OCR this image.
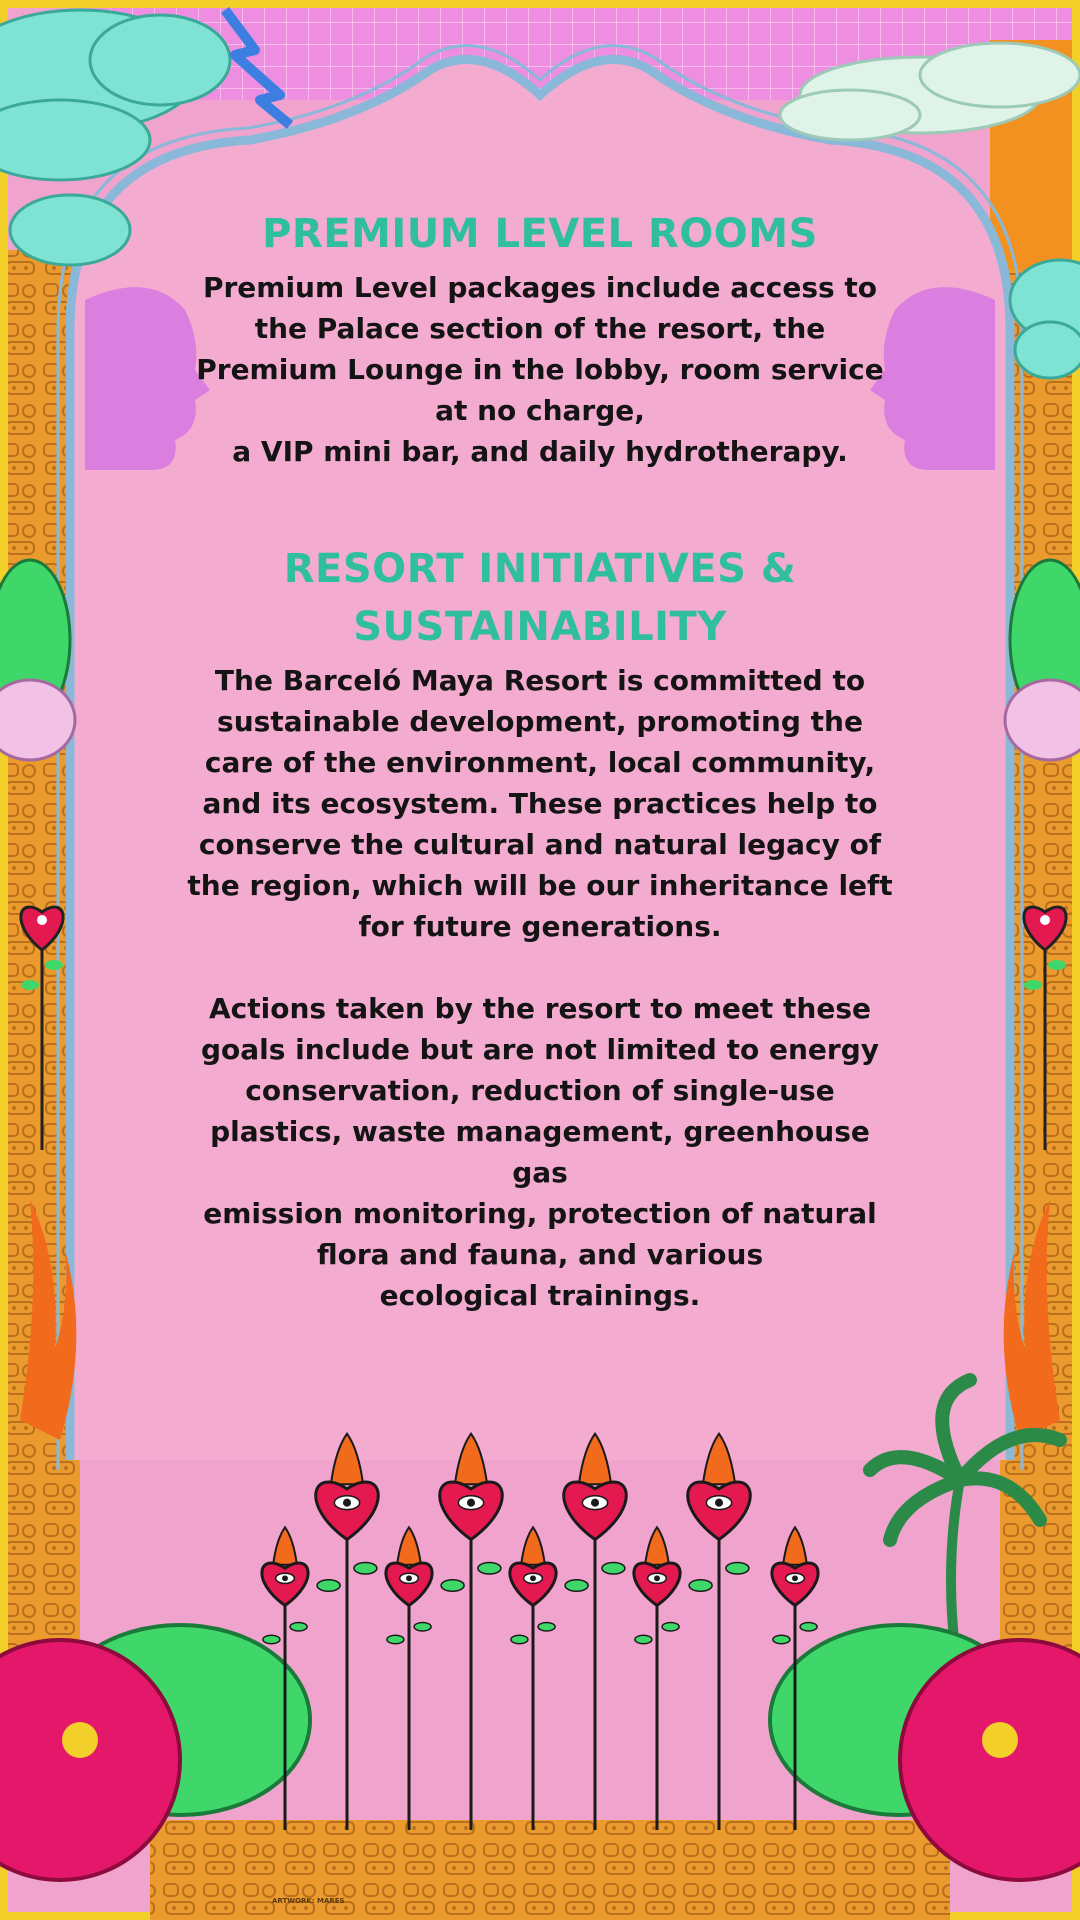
PREMIUM LEVEL ROOMS

Premium Level packages include access to
the Palace section of the resort, the
Premium Lounge in the lobby, room service
at no charge,
a VIP mini bar, and daily hydrotherapy.

RESORT INITIATIVES & SUSTAINABILITY

The Barceló Maya Resort is committed to
sustainable development, promoting the
care of the environment, local community,
and its ecosystem. These practices help to
conserve the cultural and natural legacy of
the region, which will be our inheritance left
for future generations.

Actions taken by the resort to meet these
goals include but are not limited to energy
conservation, reduction of single-use
plastics, waste management, greenhouse
gas
emission monitoring, protection of natural
flora and fauna, and various
ecological trainings.

ARTWORK: MARES
